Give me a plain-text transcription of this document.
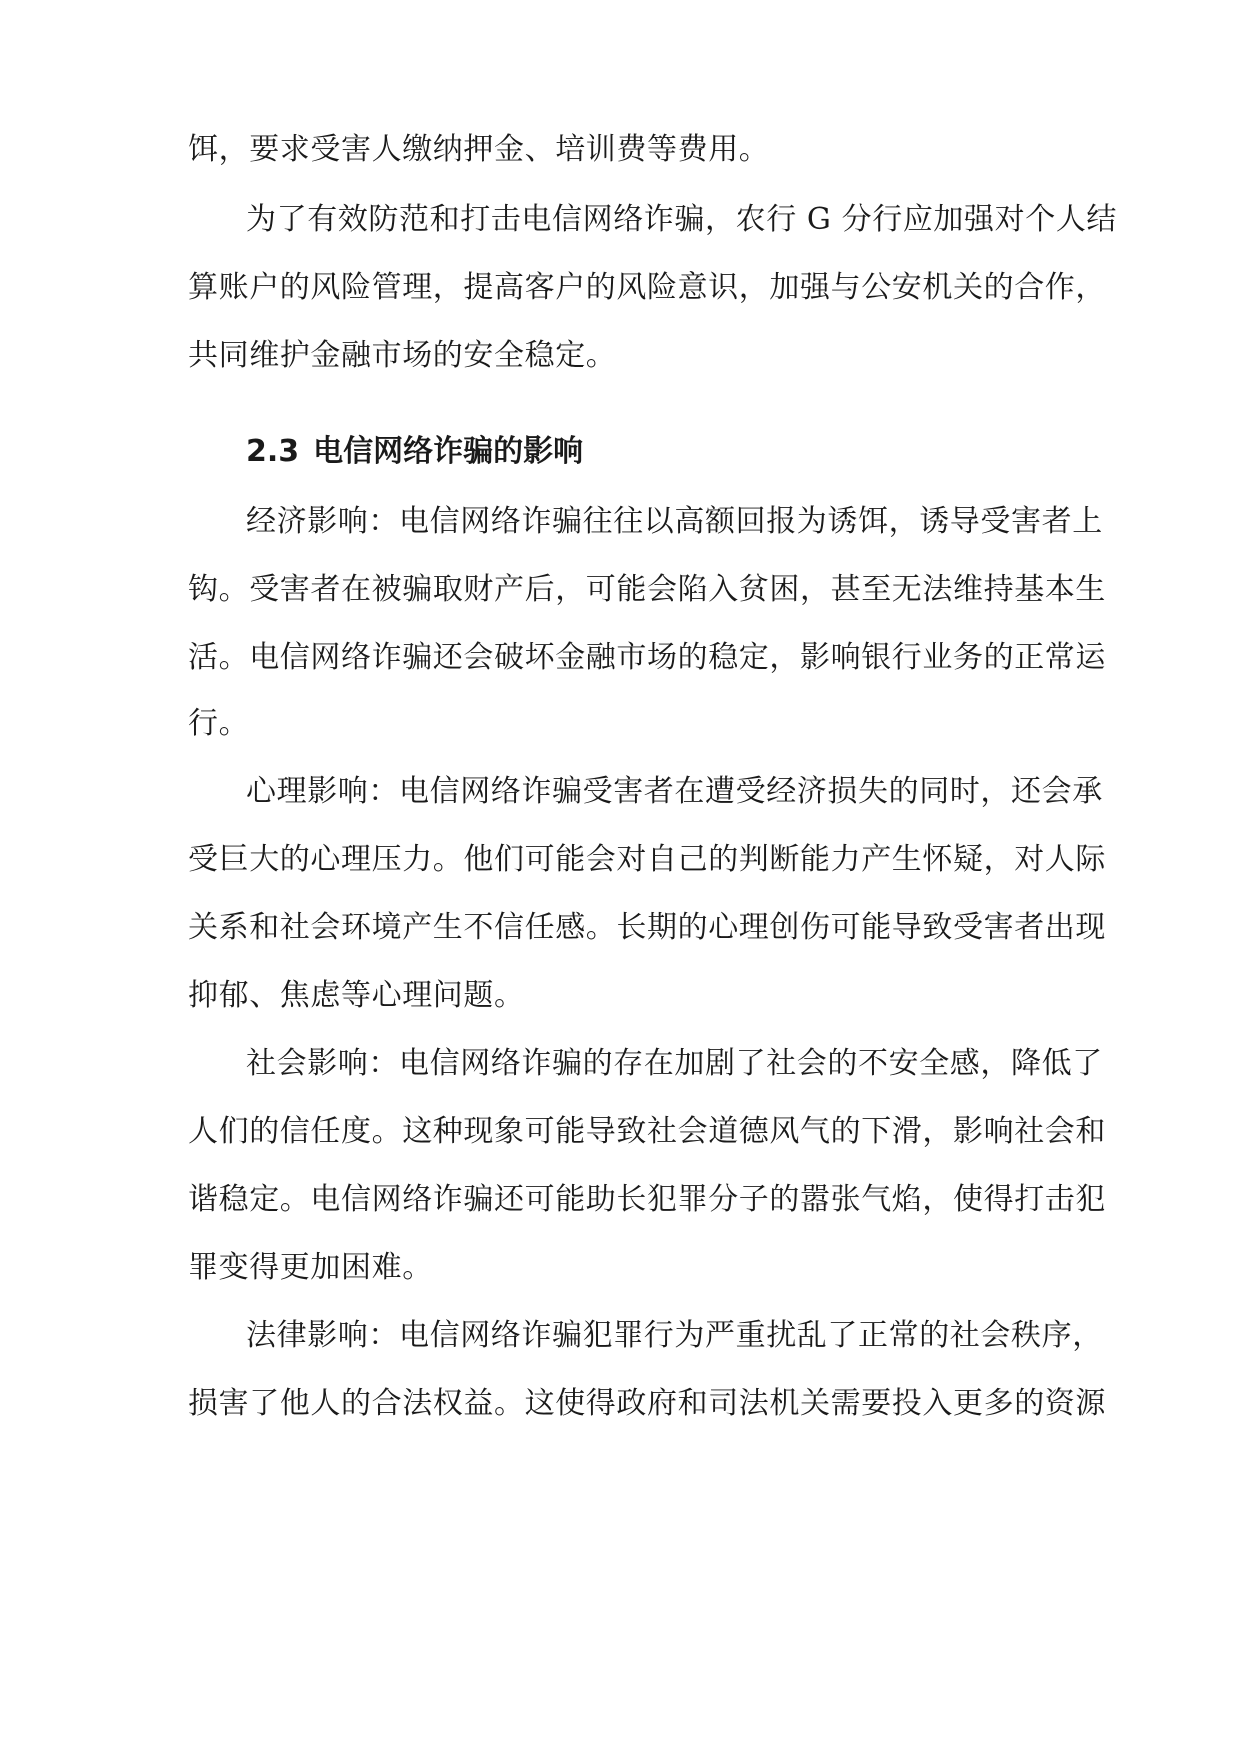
饵，要求受害人缴纳押金、培训费等费用。
为了有效防范和打击电信网络诈骗，农行 G 分行应加强对个人结
算账户的风险管理，提高客户的风险意识，加强与公安机关的合作，
共同维护金融市场的安全稳定。
2.3 电信网络诈骗的影响
经济影响：电信网络诈骗往往以高额回报为诱饵，诱导受害者上
钩。受害者在被骗取财产后，可能会陷入贫困，甚至无法维持基本生
活。电信网络诈骗还会破坏金融市场的稳定，影响银行业务的正常运
行。
心理影响：电信网络诈骗受害者在遭受经济损失的同时，还会承
受巨大的心理压力。他们可能会对自己的判断能力产生怀疑，对人际
关系和社会环境产生不信任感。长期的心理创伤可能导致受害者出现
抑郁、焦虑等心理问题。
社会影响：电信网络诈骗的存在加剧了社会的不安全感，降低了
人们的信任度。这种现象可能导致社会道德风气的下滑，影响社会和
谐稳定。电信网络诈骗还可能助长犯罪分子的嚣张气焰，使得打击犯
罪变得更加困难。
法律影响：电信网络诈骗犯罪行为严重扰乱了正常的社会秩序，
损害了他人的合法权益。这使得政府和司法机关需要投入更多的资源
